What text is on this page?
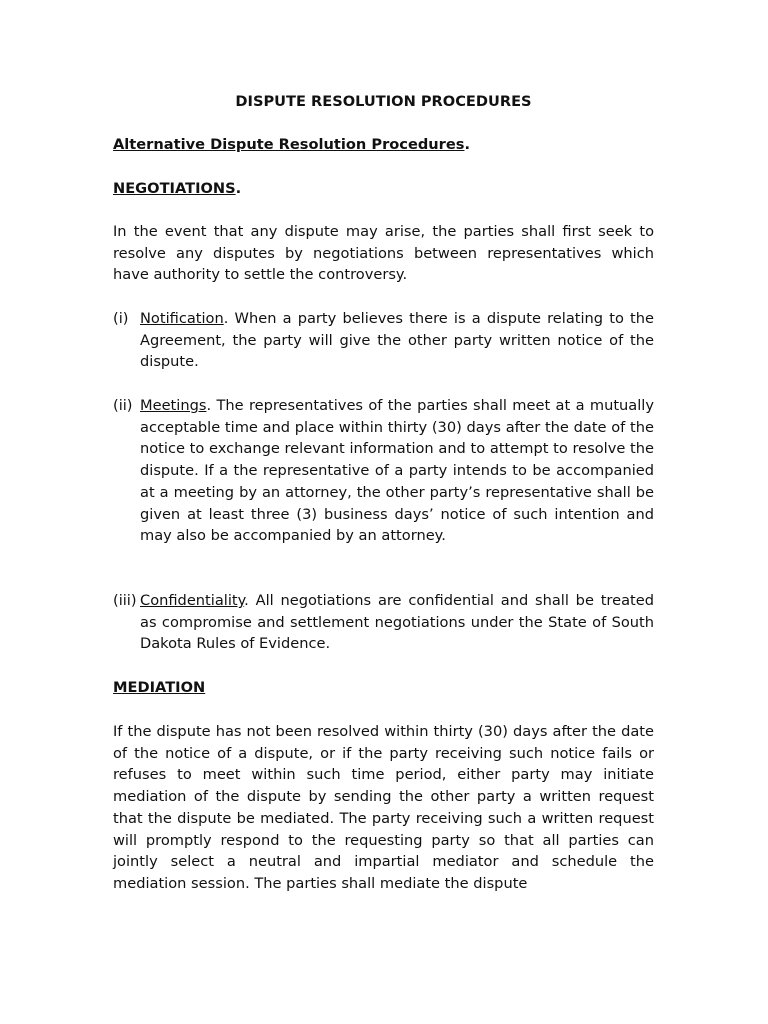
DISPUTE RESOLUTION PROCEDURES
Alternative Dispute Resolution Procedures.
NEGOTIATIONS.

In the event that any dispute may arise, the parties shall first seek to resolve any disputes by negotiations between representatives which have authority to settle the controversy.

(i) Notification. When a party believes there is a dispute relating to the Agreement, the party will give the other party written notice of the dispute.
(ii) Meetings. The representatives of the parties shall meet at a mutually acceptable time and place within thirty (30) days after the date of the notice to exchange relevant information and to attempt to resolve the dispute. If a the representative of a party intends to be accompanied at a meeting by an attorney, the other party’s representative shall be given at least three (3) business days’ notice of such intention and may also be accompanied by an attorney.
(iii) Confidentiality. All negotiations are confidential and shall be treated as compromise and settlement negotiations under the State of South Dakota Rules of Evidence.
MEDIATION

If the dispute has not been resolved within thirty (30) days after the date of the notice of a dispute, or if the party receiving such notice fails or refuses to meet within such time period, either party may initiate mediation of the dispute by sending the other party a written request that the dispute be mediated. The party receiving such a written request will promptly respond to the requesting party so that all parties can jointly select a neutral and impartial mediator and schedule the mediation session. The parties shall mediate the dispute
